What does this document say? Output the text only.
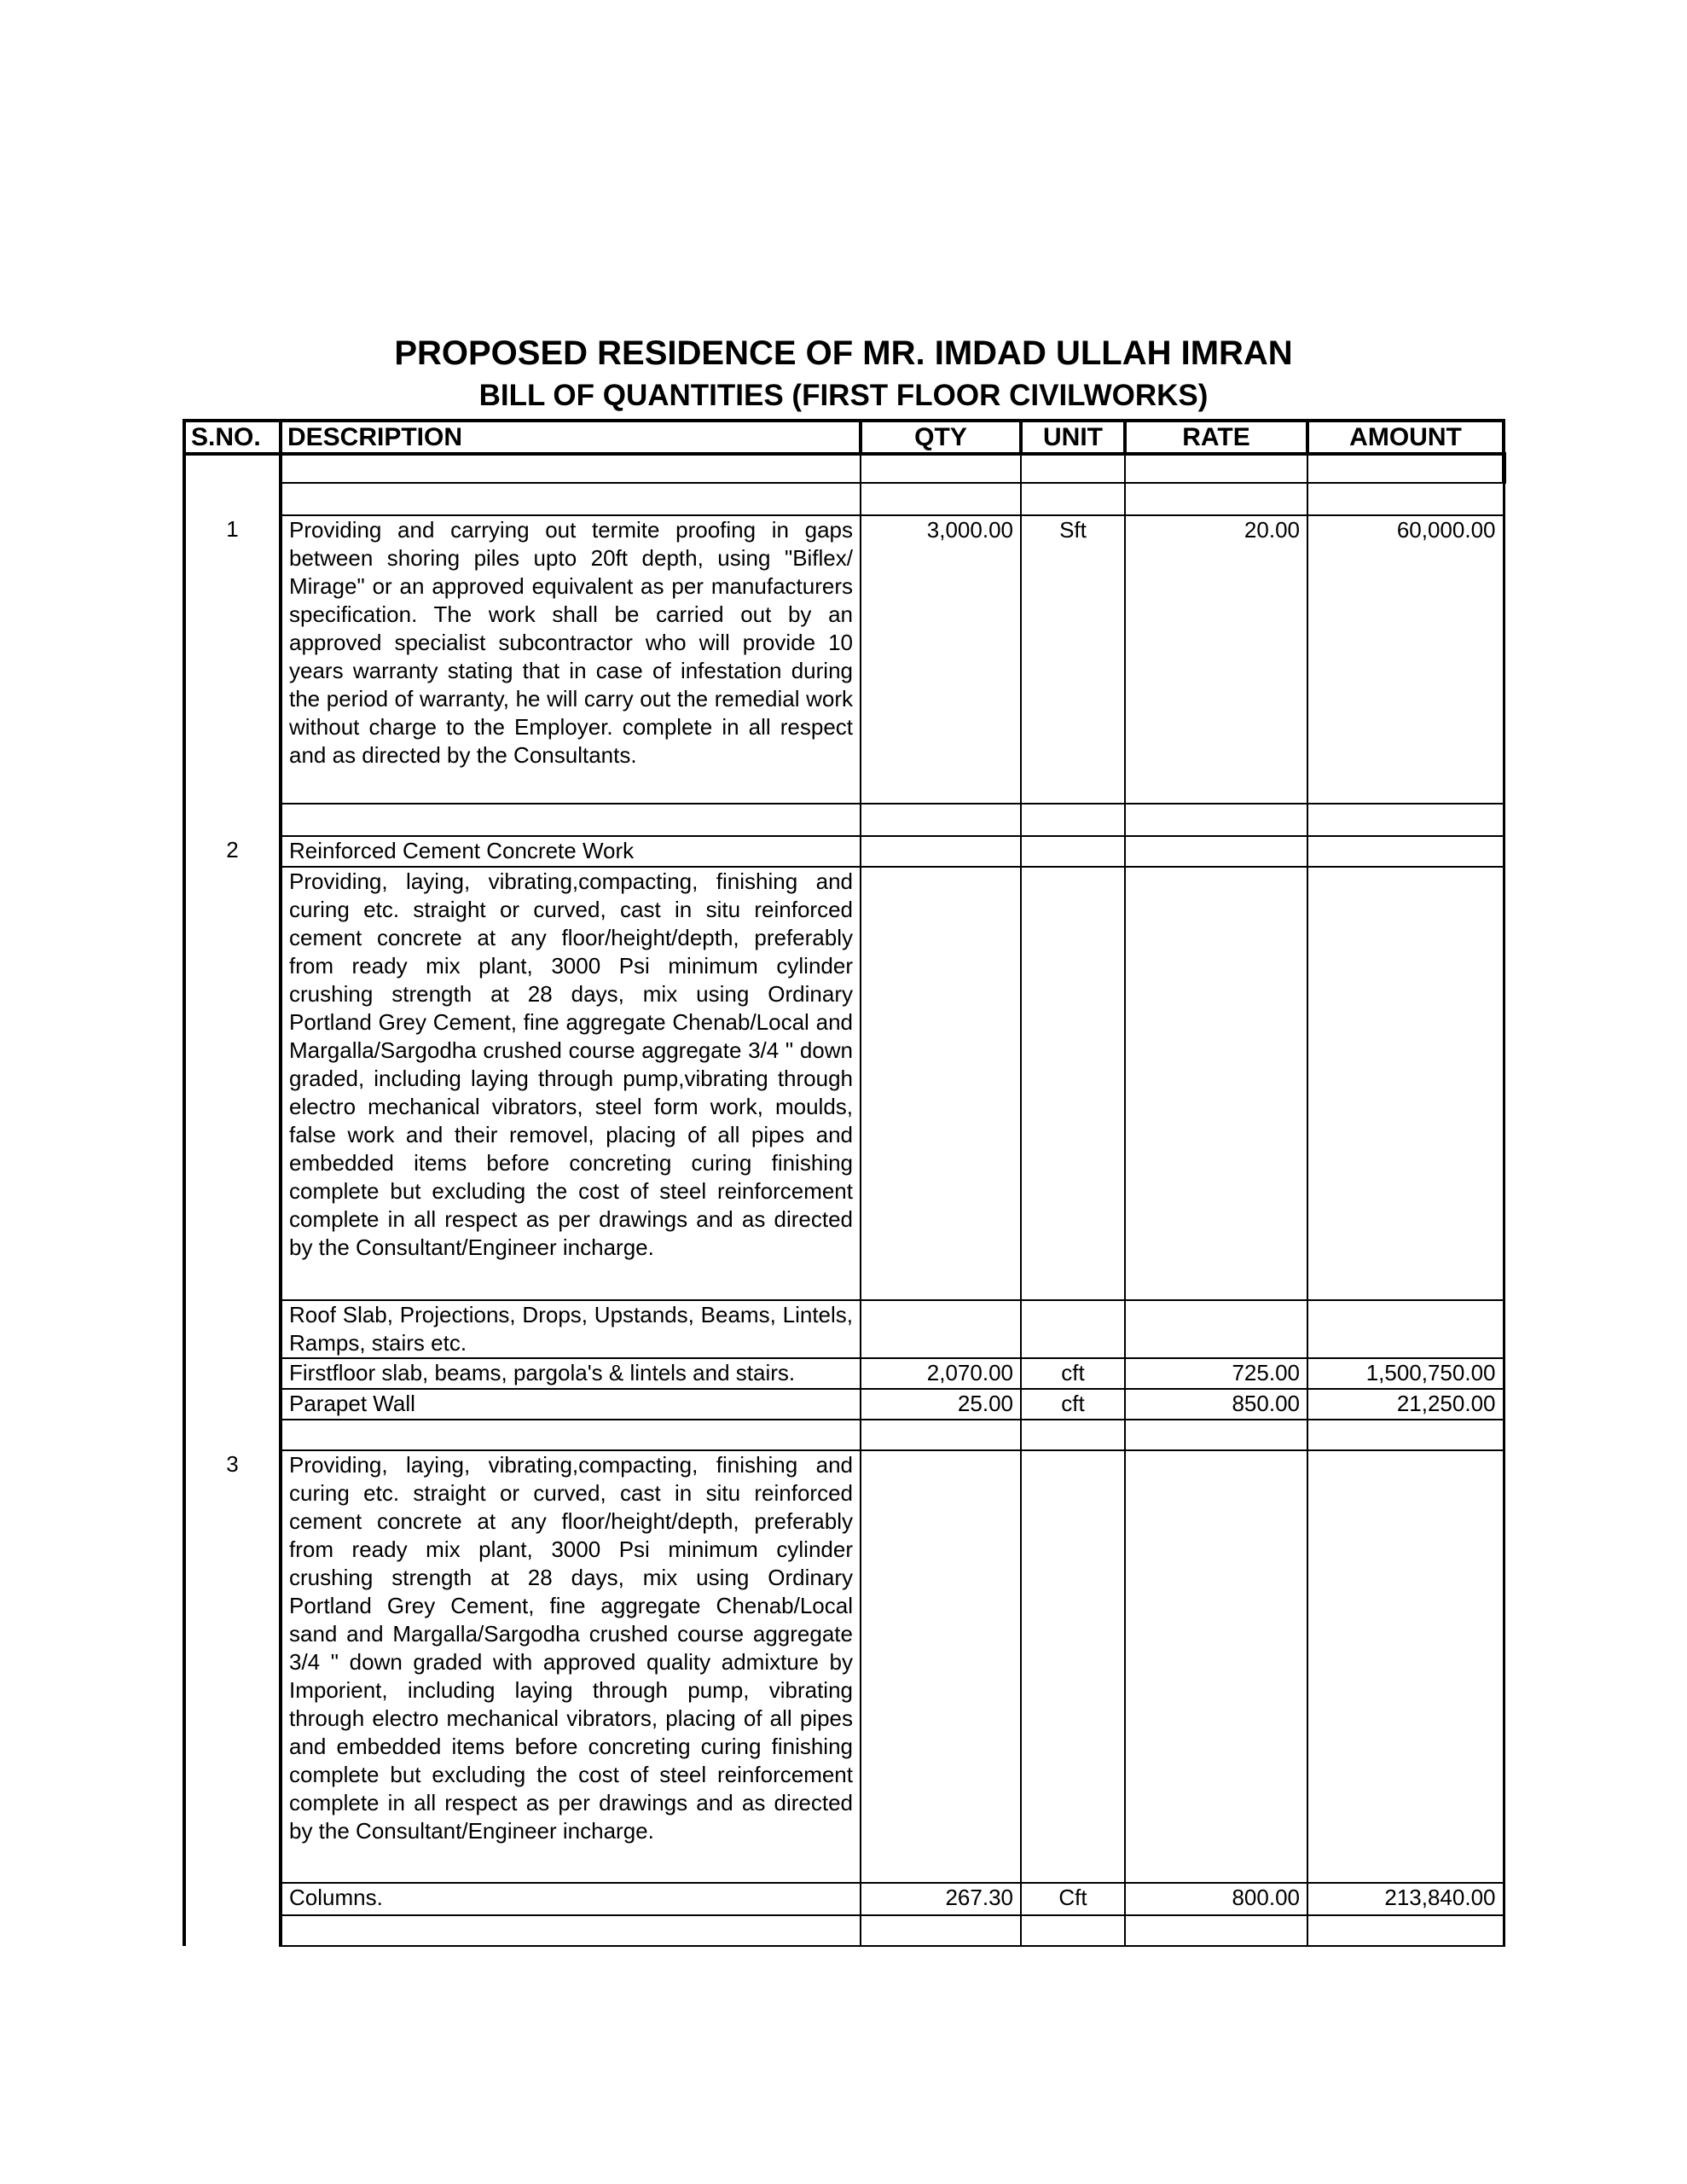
PROPOSED RESIDENCE OF MR. IMDAD ULLAH IMRAN
BILL OF QUANTITIES (FIRST FLOOR CIVILWORKS)
S.NO.	DESCRIPTION	QTY	UNIT	RATE	AMOUNT

1	Providing and carrying out termite proofing in gaps between shoring piles upto 20ft depth, using "Biflex/ Mirage" or an approved equivalent as per manufacturers specification. The work shall be carried out by an approved specialist subcontractor who will provide 10 years warranty stating that in case of infestation during the period of warranty, he will carry out the remedial work without charge to the Employer. complete in all respect and as directed by the Consultants.	3,000.00	Sft	20.00	60,000.00

2	Reinforced Cement Concrete Work				
	Providing, laying, vibrating,compacting, finishing and curing etc. straight or curved, cast in situ reinforced cement concrete at any floor/height/depth, preferably from ready mix plant, 3000 Psi minimum cylinder crushing strength at 28 days, mix using Ordinary Portland Grey Cement, fine aggregate Chenab/Local and Margalla/Sargodha crushed course aggregate 3/4 " down graded, including laying through pump,vibrating through electro mechanical vibrators, steel form work, moulds, false work and their removel, placing of all pipes and embedded items before concreting curing finishing complete but excluding the cost of steel reinforcement complete in all respect as per drawings and as directed by the Consultant/Engineer incharge.				
	Roof Slab, Projections, Drops, Upstands, Beams, Lintels, Ramps, stairs etc.				
	Firstfloor slab, beams, pargola's & lintels and stairs.	2,070.00	cft	725.00	1,500,750.00
	Parapet Wall	25.00	cft	850.00	21,250.00

3	Providing, laying, vibrating,compacting, finishing and curing etc. straight or curved, cast in situ reinforced cement concrete at any floor/height/depth, preferably from ready mix plant, 3000 Psi minimum cylinder crushing strength at 28 days, mix using Ordinary Portland Grey Cement, fine aggregate Chenab/Local sand and Margalla/Sargodha crushed course aggregate 3/4 " down graded with approved quality admixture by Imporient, including laying through pump, vibrating through electro mechanical vibrators, placing of all pipes and embedded items before concreting curing finishing complete but excluding the cost of steel reinforcement complete in all respect as per drawings and as directed by the Consultant/Engineer incharge.				
	Columns.	267.30	Cft	800.00	213,840.00
